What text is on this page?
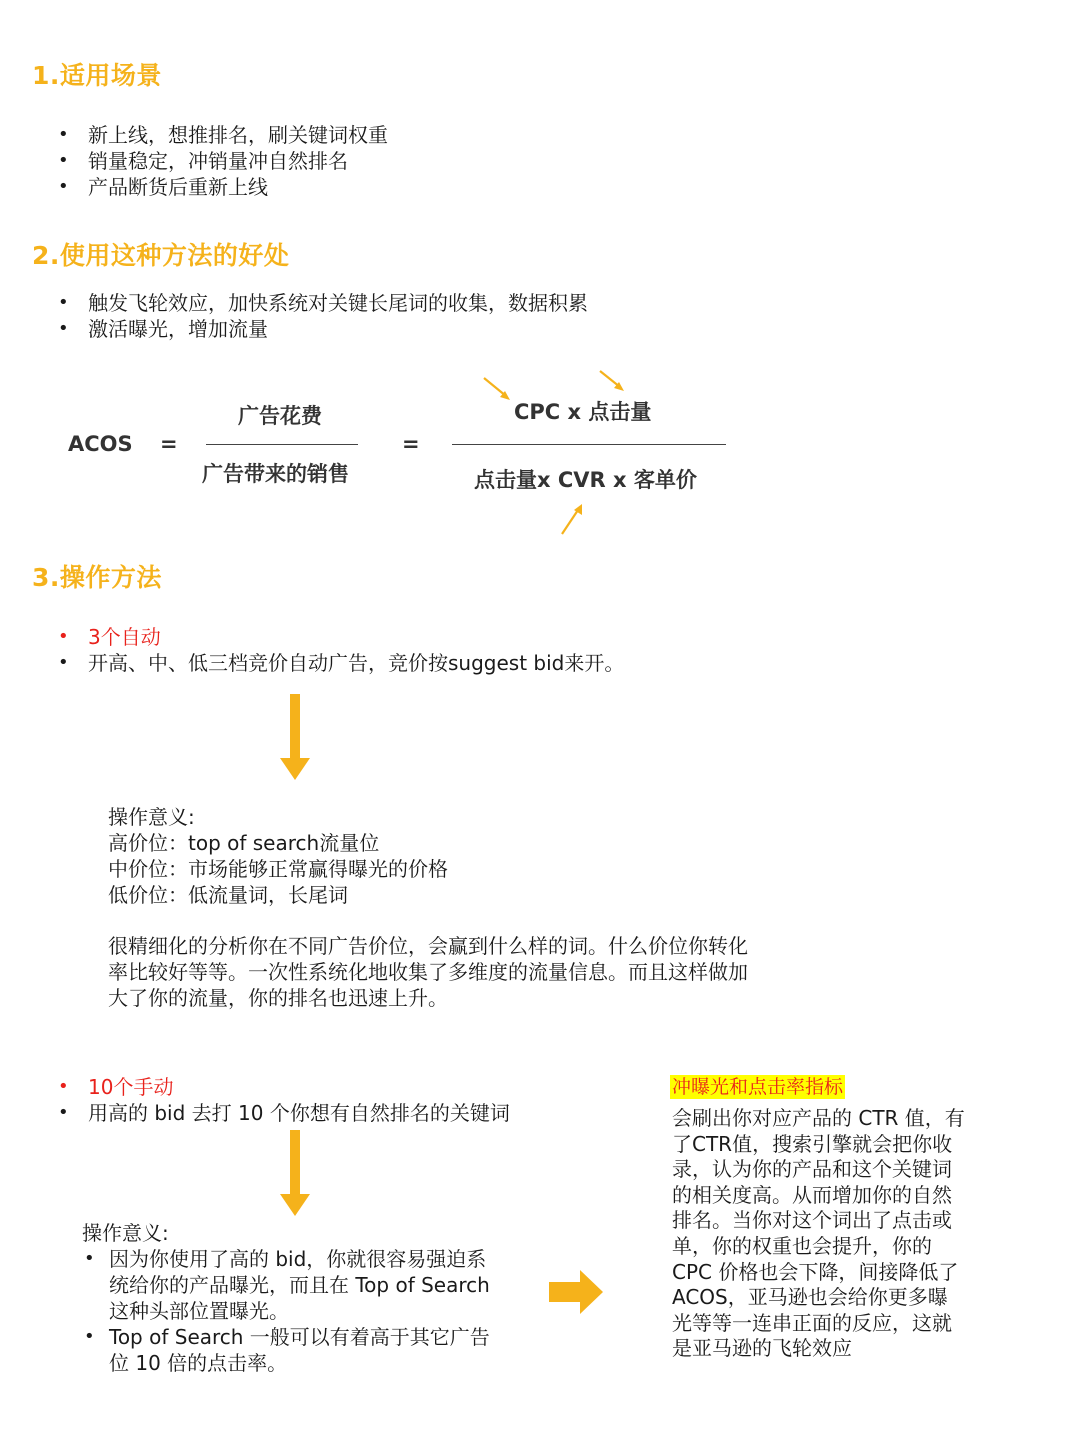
1.适用场景
• 新上线，想推排名，刷关键词权重
• 销量稳定，冲销量冲自然排名
• 产品断货后重新上线
2.使用这种方法的好处
• 触发飞轮效应，加快系统对关键长尾词的收集，数据积累
• 激活曝光，增加流量
ACOS =
广告花费
广告带来的销售
=
CPC x 点击量
点击量x CVR x 客单价
3.操作方法
• 3个自动
• 开高、中、低三档竞价自动广告，竞价按suggest bid来开。
操作意义:
高价位：top of search流量位
中价位：市场能够正常赢得曝光的价格
低价位：低流量词，长尾词
很精细化的分析你在不同广告价位，会赢到什么样的词。什么价位你转化
率比较好等等。一次性系统化地收集了多维度的流量信息。而且这样做加
大了你的流量，你的排名也迅速上升。
• 10个手动
• 用高的 bid 去打 10 个你想有自然排名的关键词
操作意义:
• 因为你使用了高的 bid，你就很容易强迫系
统给你的产品曝光，而且在 Top of Search
这种头部位置曝光。
• Top of Search 一般可以有着高于其它广告
位 10 倍的点击率。
冲曝光和点击率指标
会刷出你对应产品的 CTR 值，有
了CTR值，搜索引擎就会把你收
录，认为你的产品和这个关键词
的相关度高。从而增加你的自然
排名。当你对这个词出了点击或
单，你的权重也会提升，你的
CPC 价格也会下降，间接降低了
ACOS，亚马逊也会给你更多曝
光等等一连串正面的反应，这就
是亚马逊的飞轮效应
